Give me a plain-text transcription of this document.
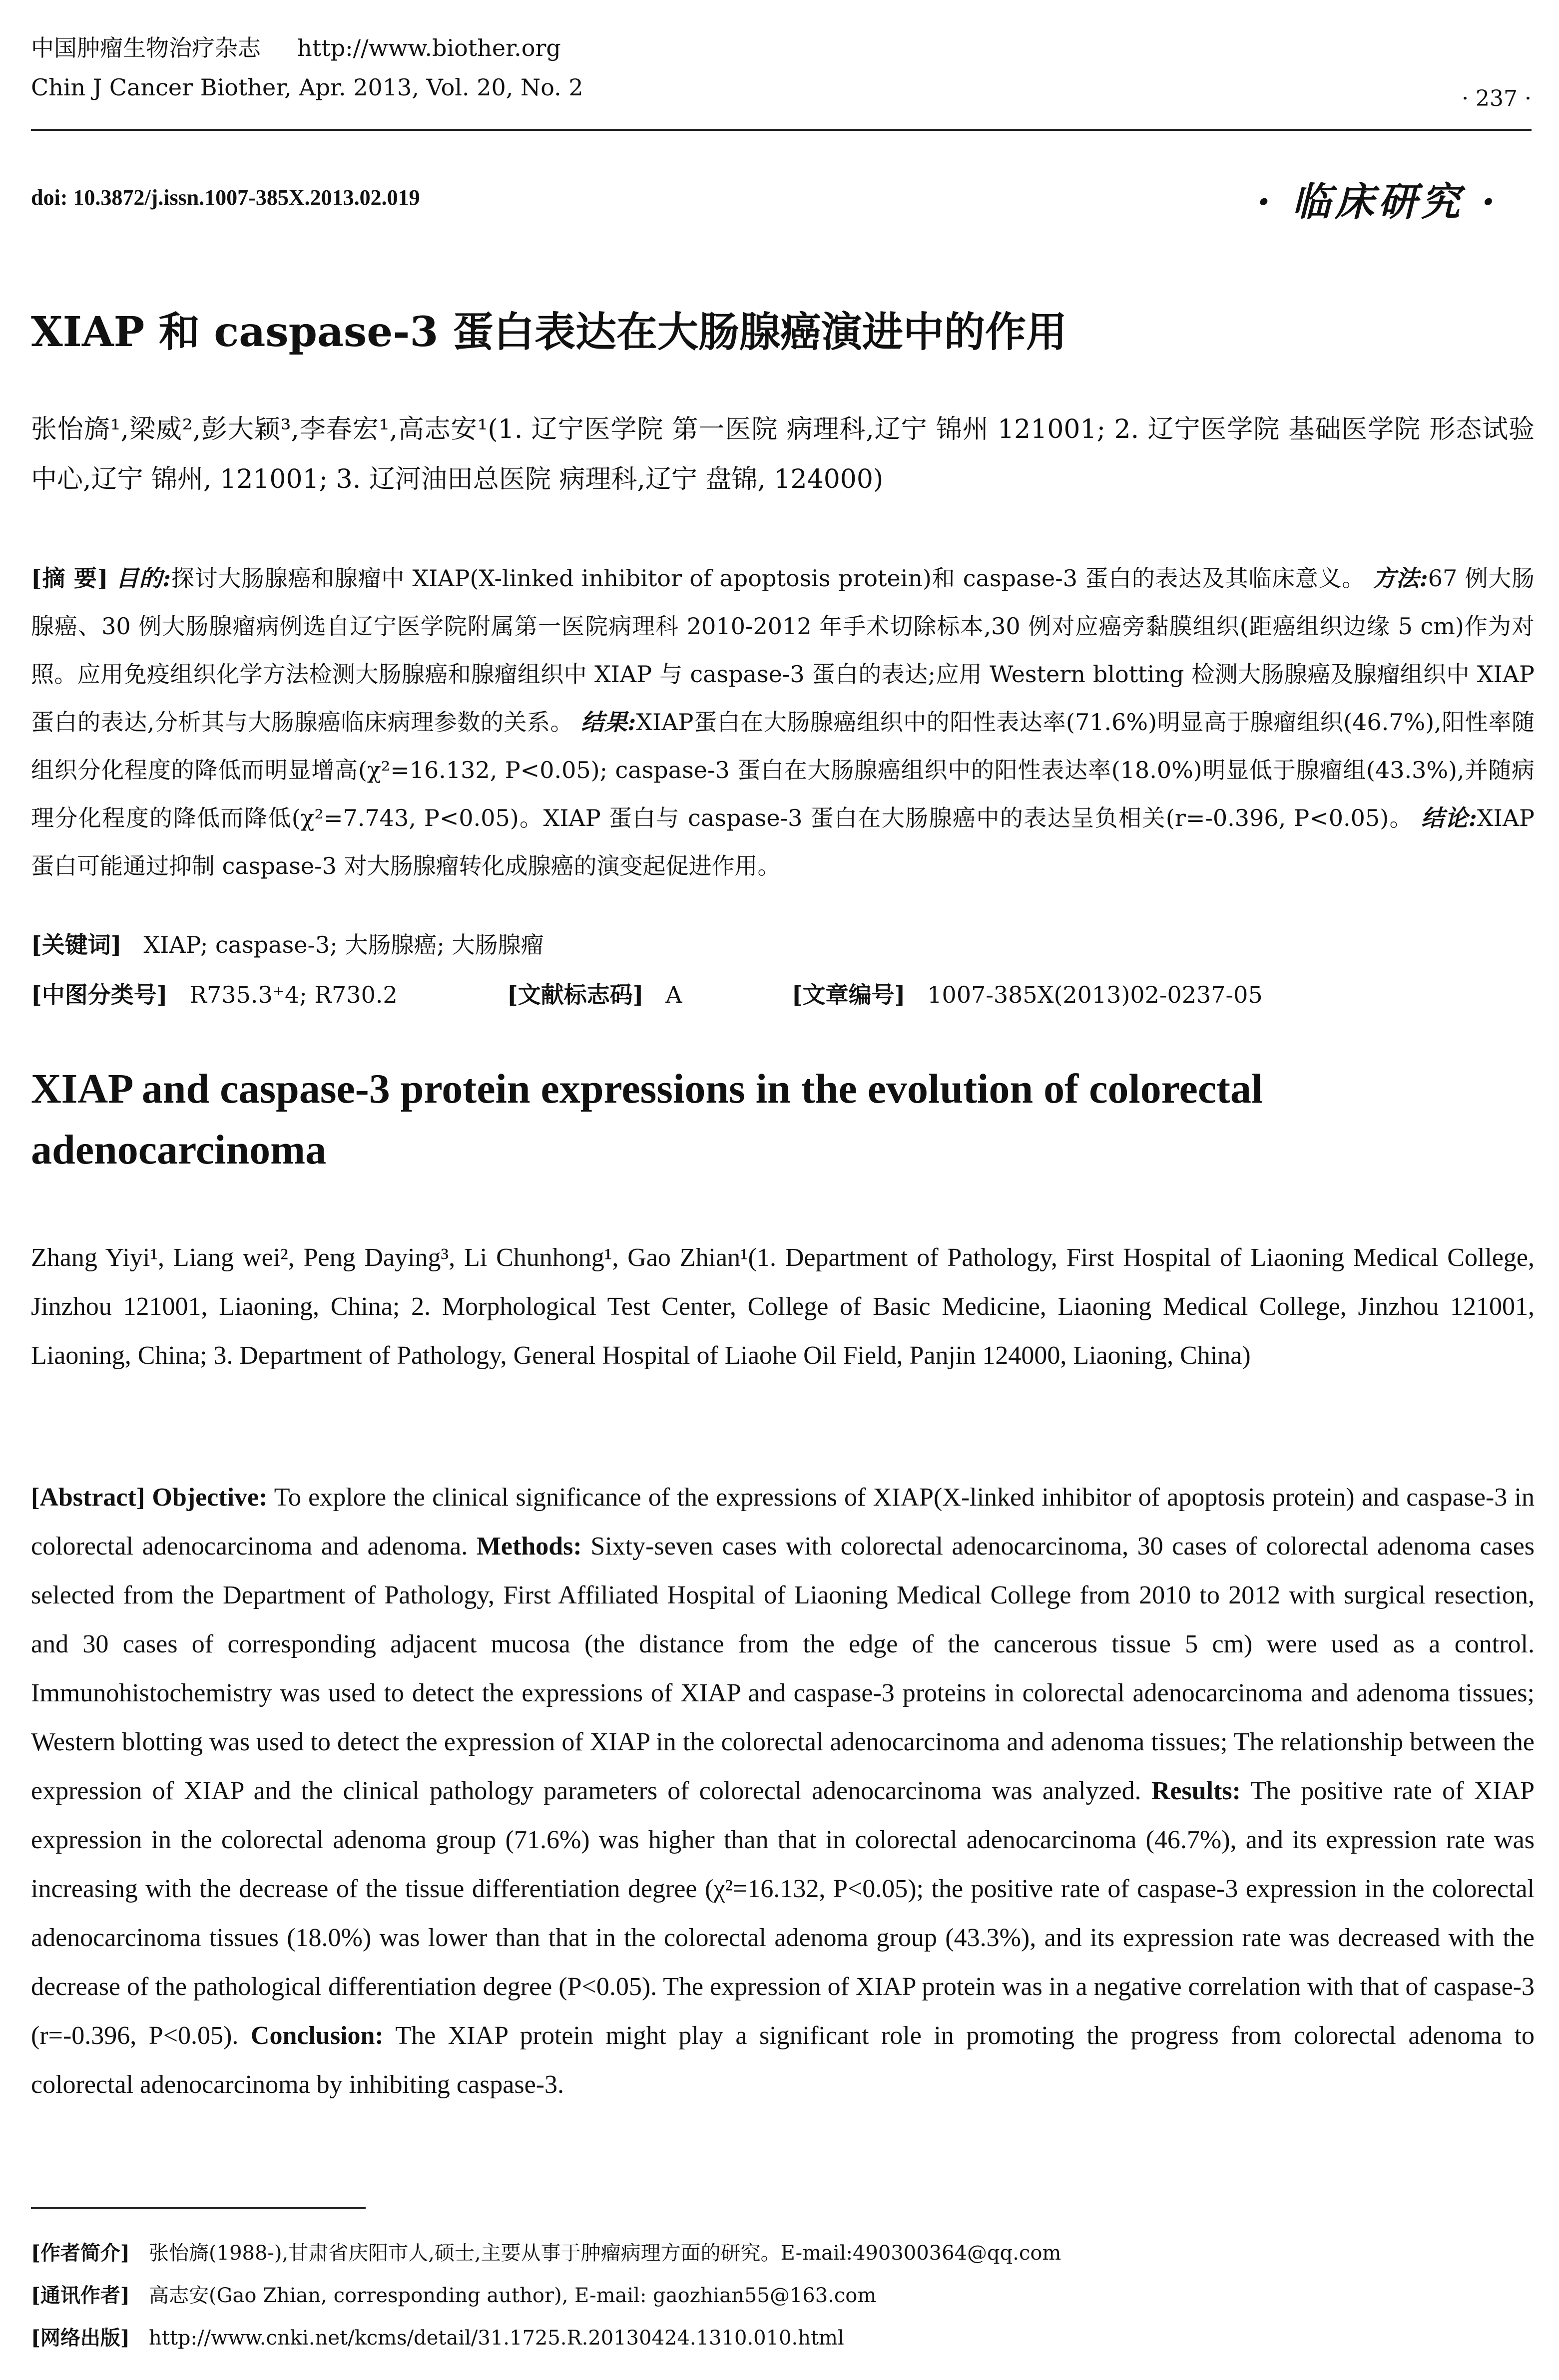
中国肿瘤生物治疗杂志 http://www.biother.org
Chin J Cancer Biother, Apr. 2013, Vol. 20, No. 2	· 237 ·
doi: 10.3872/j.issn.1007-385X.2013.02.019	· 临床研究 ·
XIAP 和 caspase-3 蛋白表达在大肠腺癌演进中的作用
张怡旖¹,梁威²,彭大颖³,李春宏¹,高志安¹(1. 辽宁医学院 第一医院 病理科,辽宁 锦州 121001; 2. 辽宁医学院 基础医学院 形态试验中心,辽宁 锦州, 121001; 3. 辽河油田总医院 病理科,辽宁 盘锦, 124000)
[摘 要] 目的:探讨大肠腺癌和腺瘤中 XIAP(X-linked inhibitor of apoptosis protein)和 caspase-3 蛋白的表达及其临床意义。 方法:67 例大肠腺癌、30 例大肠腺瘤病例选自辽宁医学院附属第一医院病理科 2010-2012 年手术切除标本,30 例对应癌旁黏膜组织(距癌组织边缘 5 cm)作为对照。应用免疫组织化学方法检测大肠腺癌和腺瘤组织中 XIAP 与 caspase-3 蛋白的表达;应用 Western blotting 检测大肠腺癌及腺瘤组织中 XIAP 蛋白的表达,分析其与大肠腺癌临床病理参数的关系。 结果:XIAP蛋白在大肠腺癌组织中的阳性表达率(71.6%)明显高于腺瘤组织(46.7%),阳性率随组织分化程度的降低而明显增高(χ²=16.132, P<0.05); caspase-3 蛋白在大肠腺癌组织中的阳性表达率(18.0%)明显低于腺瘤组(43.3%),并随病理分化程度的降低而降低(χ²=7.743, P<0.05)。XIAP 蛋白与 caspase-3 蛋白在大肠腺癌中的表达呈负相关(r=-0.396, P<0.05)。 结论:XIAP 蛋白可能通过抑制 caspase-3 对大肠腺瘤转化成腺癌的演变起促进作用。
[关键词] XIAP; caspase-3; 大肠腺癌; 大肠腺瘤
[中图分类号] R735.3⁺4; R730.2	[文献标志码] A	[文章编号] 1007-385X(2013)02-0237-05
XIAP and caspase-3 protein expressions in the evolution of colorectal adenocarcinoma
Zhang Yiyi¹, Liang wei², Peng Daying³, Li Chunhong¹, Gao Zhian¹(1. Department of Pathology, First Hospital of Liaoning Medical College, Jinzhou 121001, Liaoning, China; 2. Morphological Test Center, College of Basic Medicine, Liaoning Medical College, Jinzhou 121001, Liaoning, China; 3. Department of Pathology, General Hospital of Liaohe Oil Field, Panjin 124000, Liaoning, China)
[Abstract] Objective: To explore the clinical significance of the expressions of XIAP(X-linked inhibitor of apoptosis protein) and caspase-3 in colorectal adenocarcinoma and adenoma. Methods: Sixty-seven cases with colorectal adenocarcinoma, 30 cases of colorectal adenoma cases selected from the Department of Pathology, First Affiliated Hospital of Liaoning Medical College from 2010 to 2012 with surgical resection, and 30 cases of corresponding adjacent mucosa (the distance from the edge of the cancerous tissue 5 cm) were used as a control. Immunohistochemistry was used to detect the expressions of XIAP and caspase-3 proteins in colorectal adenocarcinoma and adenoma tissues; Western blotting was used to detect the expression of XIAP in the colorectal adenocarcinoma and adenoma tissues; The relationship between the expression of XIAP and the clinical pathology parameters of colorectal adenocarcinoma was analyzed. Results: The positive rate of XIAP expression in the colorectal adenoma group (71.6%) was higher than that in colorectal adenocarcinoma (46.7%), and its expression rate was increasing with the decrease of the tissue differentiation degree (χ²=16.132, P<0.05); the positive rate of caspase-3 expression in the colorectal adenocarcinoma tissues (18.0%) was lower than that in the colorectal adenoma group (43.3%), and its expression rate was decreased with the decrease of the pathological differentiation degree (P<0.05). The expression of XIAP protein was in a negative correlation with that of caspase-3 (r=-0.396, P<0.05). Conclusion: The XIAP protein might play a significant role in promoting the progress from colorectal adenoma to colorectal adenocarcinoma by inhibiting caspase-3.
[作者简介] 张怡旖(1988-),甘肃省庆阳市人,硕士,主要从事于肿瘤病理方面的研究。E-mail:490300364@qq.com
[通讯作者] 高志安(Gao Zhian, corresponding author), E-mail: gaozhian55@163.com
[网络出版] http://www.cnki.net/kcms/detail/31.1725.R.20130424.1310.010.html
